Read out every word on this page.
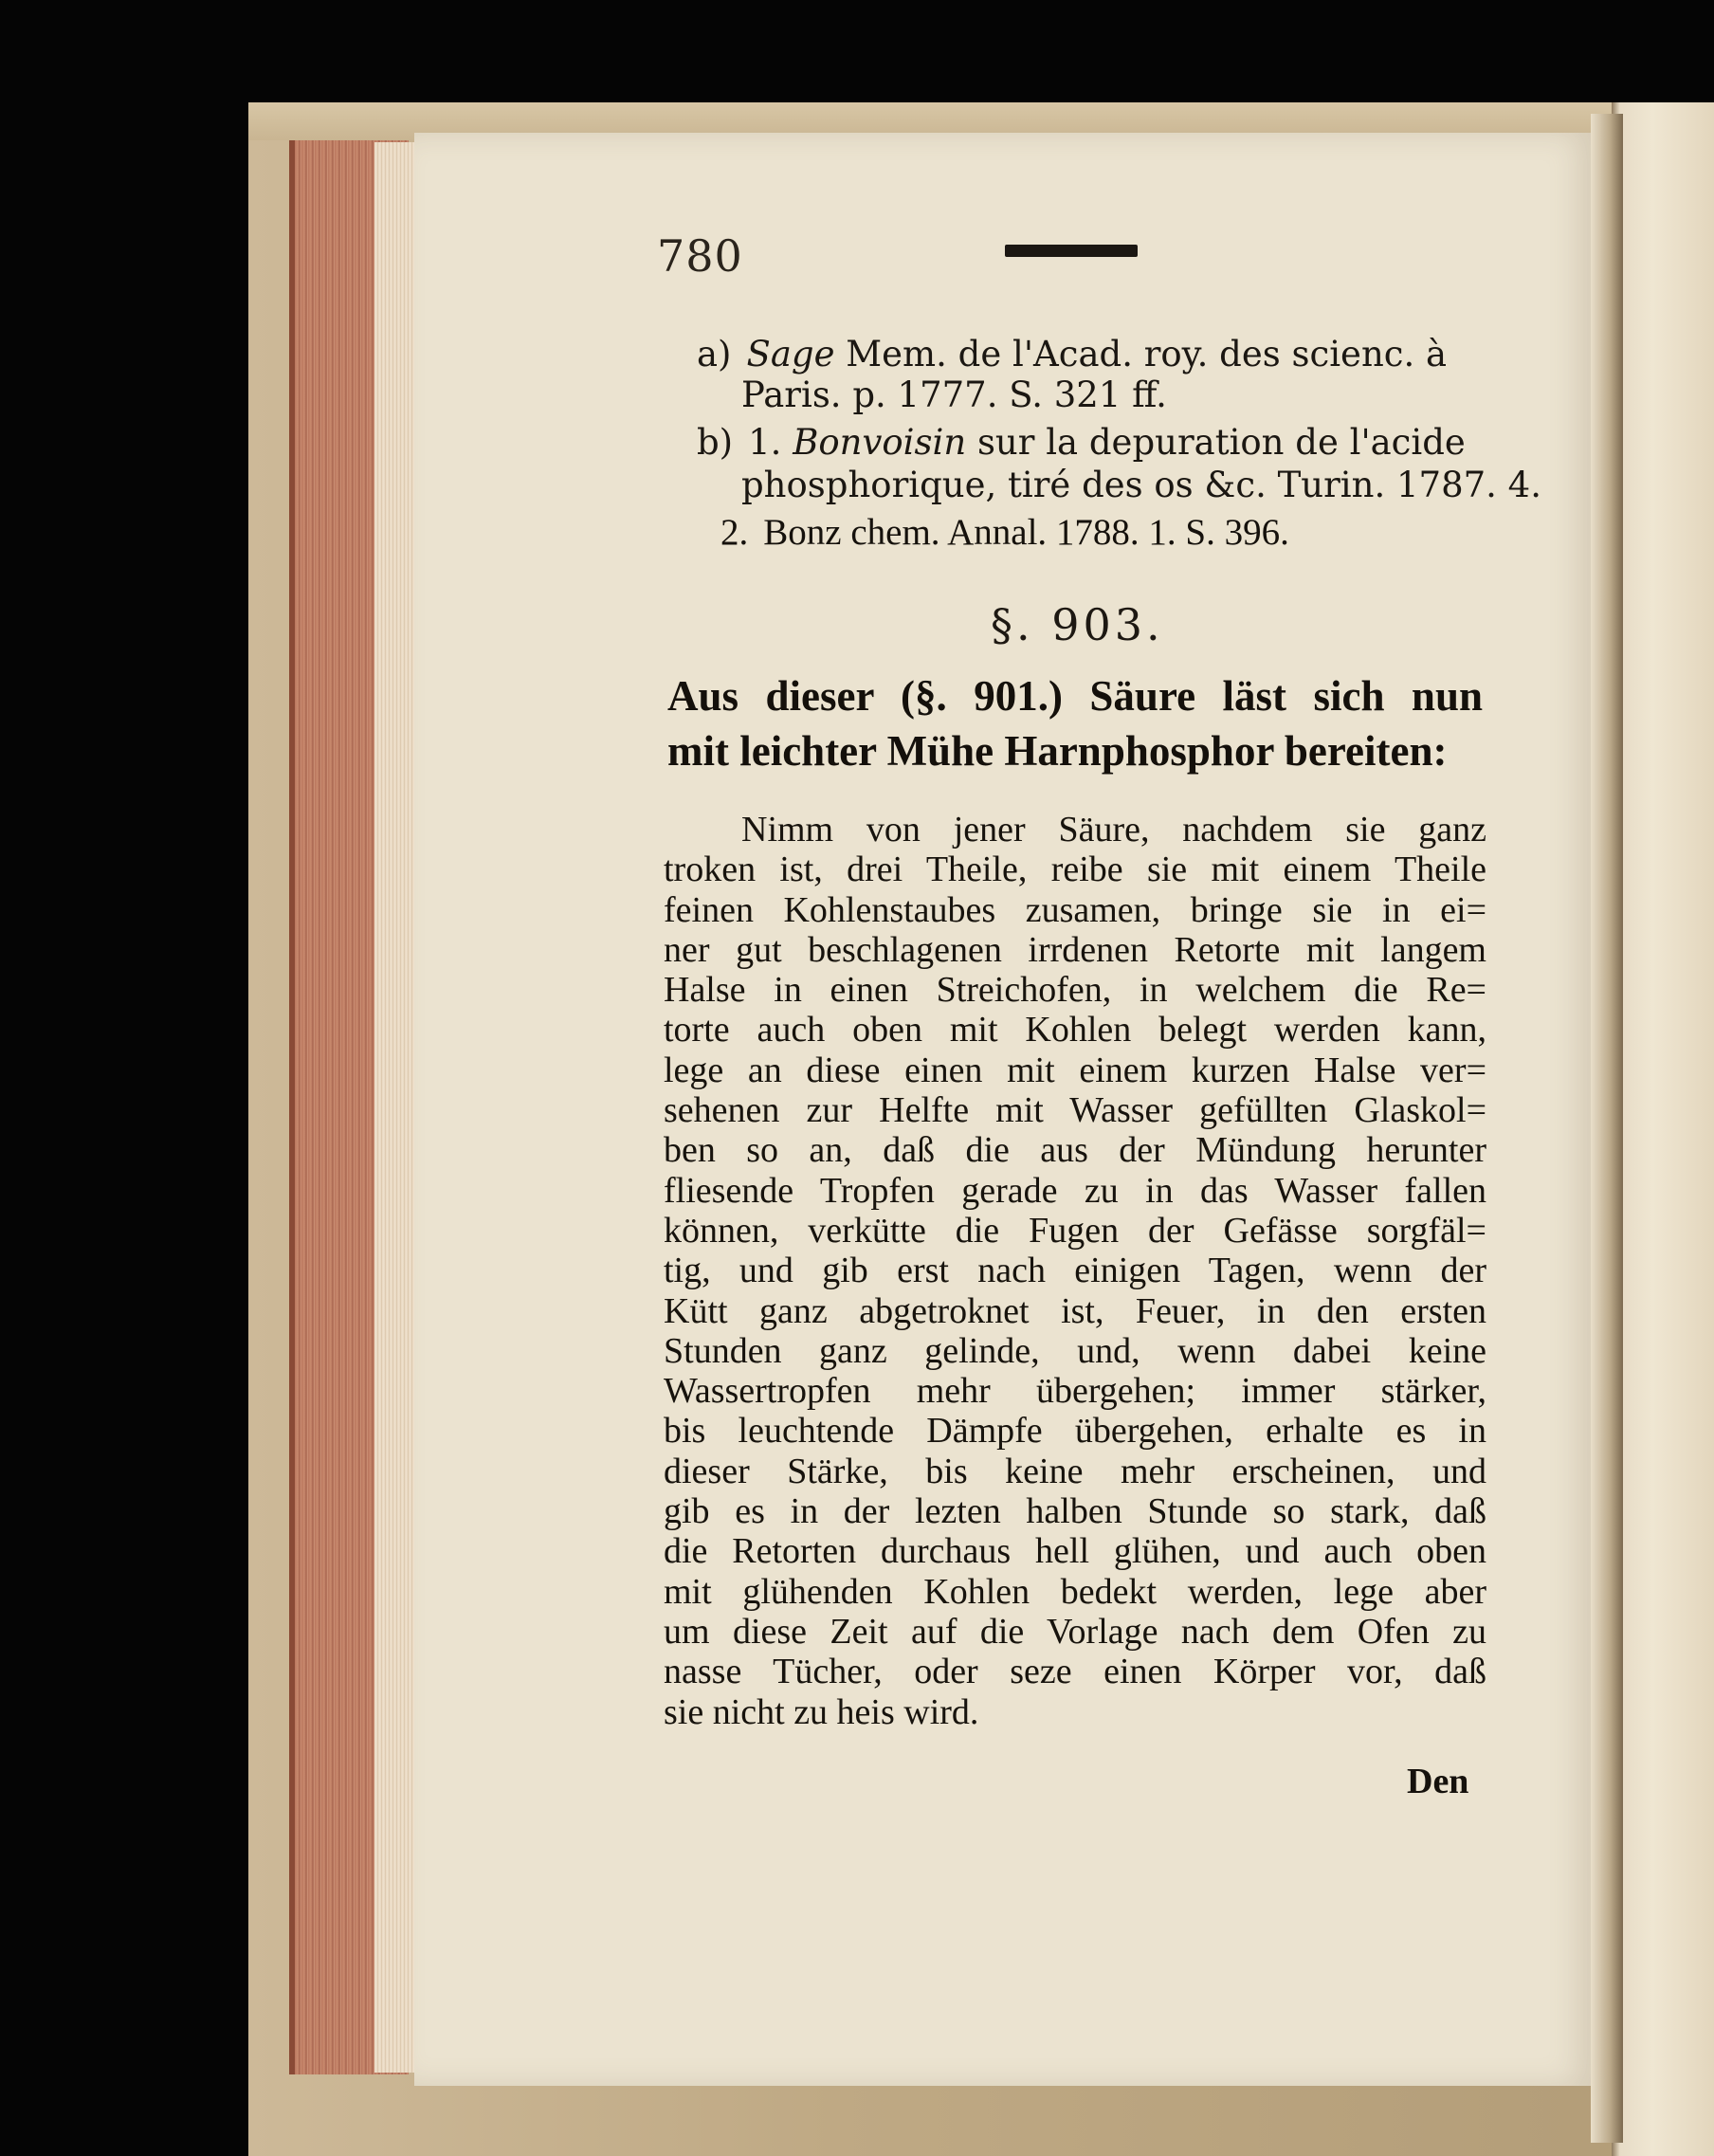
780
a) Sage Mem. de l'Acad. roy. des scienc. à
Paris. p. 1777. S. 321 ff.
b) 1. Bonvoisin sur la depuration de l'acide
phosphorique, tiré des os &c. Turin. 1787. 4.
2. Bonz chem. Annal. 1788. 1. S. 396.
§. 903.
Aus dieser (§. 901.) Säure läst sich nun
mit leichter Mühe Harnphosphor bereiten:
Nimm von jener Säure, nachdem sie ganz
troken ist, drei Theile, reibe sie mit einem Theile
feinen Kohlenstaubes zusamen, bringe sie in ei=
ner gut beschlagenen irrdenen Retorte mit langem
Halse in einen Streichofen, in welchem die Re=
torte auch oben mit Kohlen belegt werden kann,
lege an diese einen mit einem kurzen Halse ver=
sehenen zur Helfte mit Wasser gefüllten Glaskol=
ben so an, daß die aus der Mündung herunter
fliesende Tropfen gerade zu in das Wasser fallen
können, verkütte die Fugen der Gefässe sorgfäl=
tig, und gib erst nach einigen Tagen, wenn der
Kütt ganz abgetroknet ist, Feuer, in den ersten
Stunden ganz gelinde, und, wenn dabei keine
Wassertropfen mehr übergehen; immer stärker,
bis leuchtende Dämpfe übergehen, erhalte es in
dieser Stärke, bis keine mehr erscheinen, und
gib es in der lezten halben Stunde so stark, daß
die Retorten durchaus hell glühen, und auch oben
mit glühenden Kohlen bedekt werden, lege aber
um diese Zeit auf die Vorlage nach dem Ofen zu
nasse Tücher, oder seze einen Körper vor, daß
sie nicht zu heis wird.
Den
